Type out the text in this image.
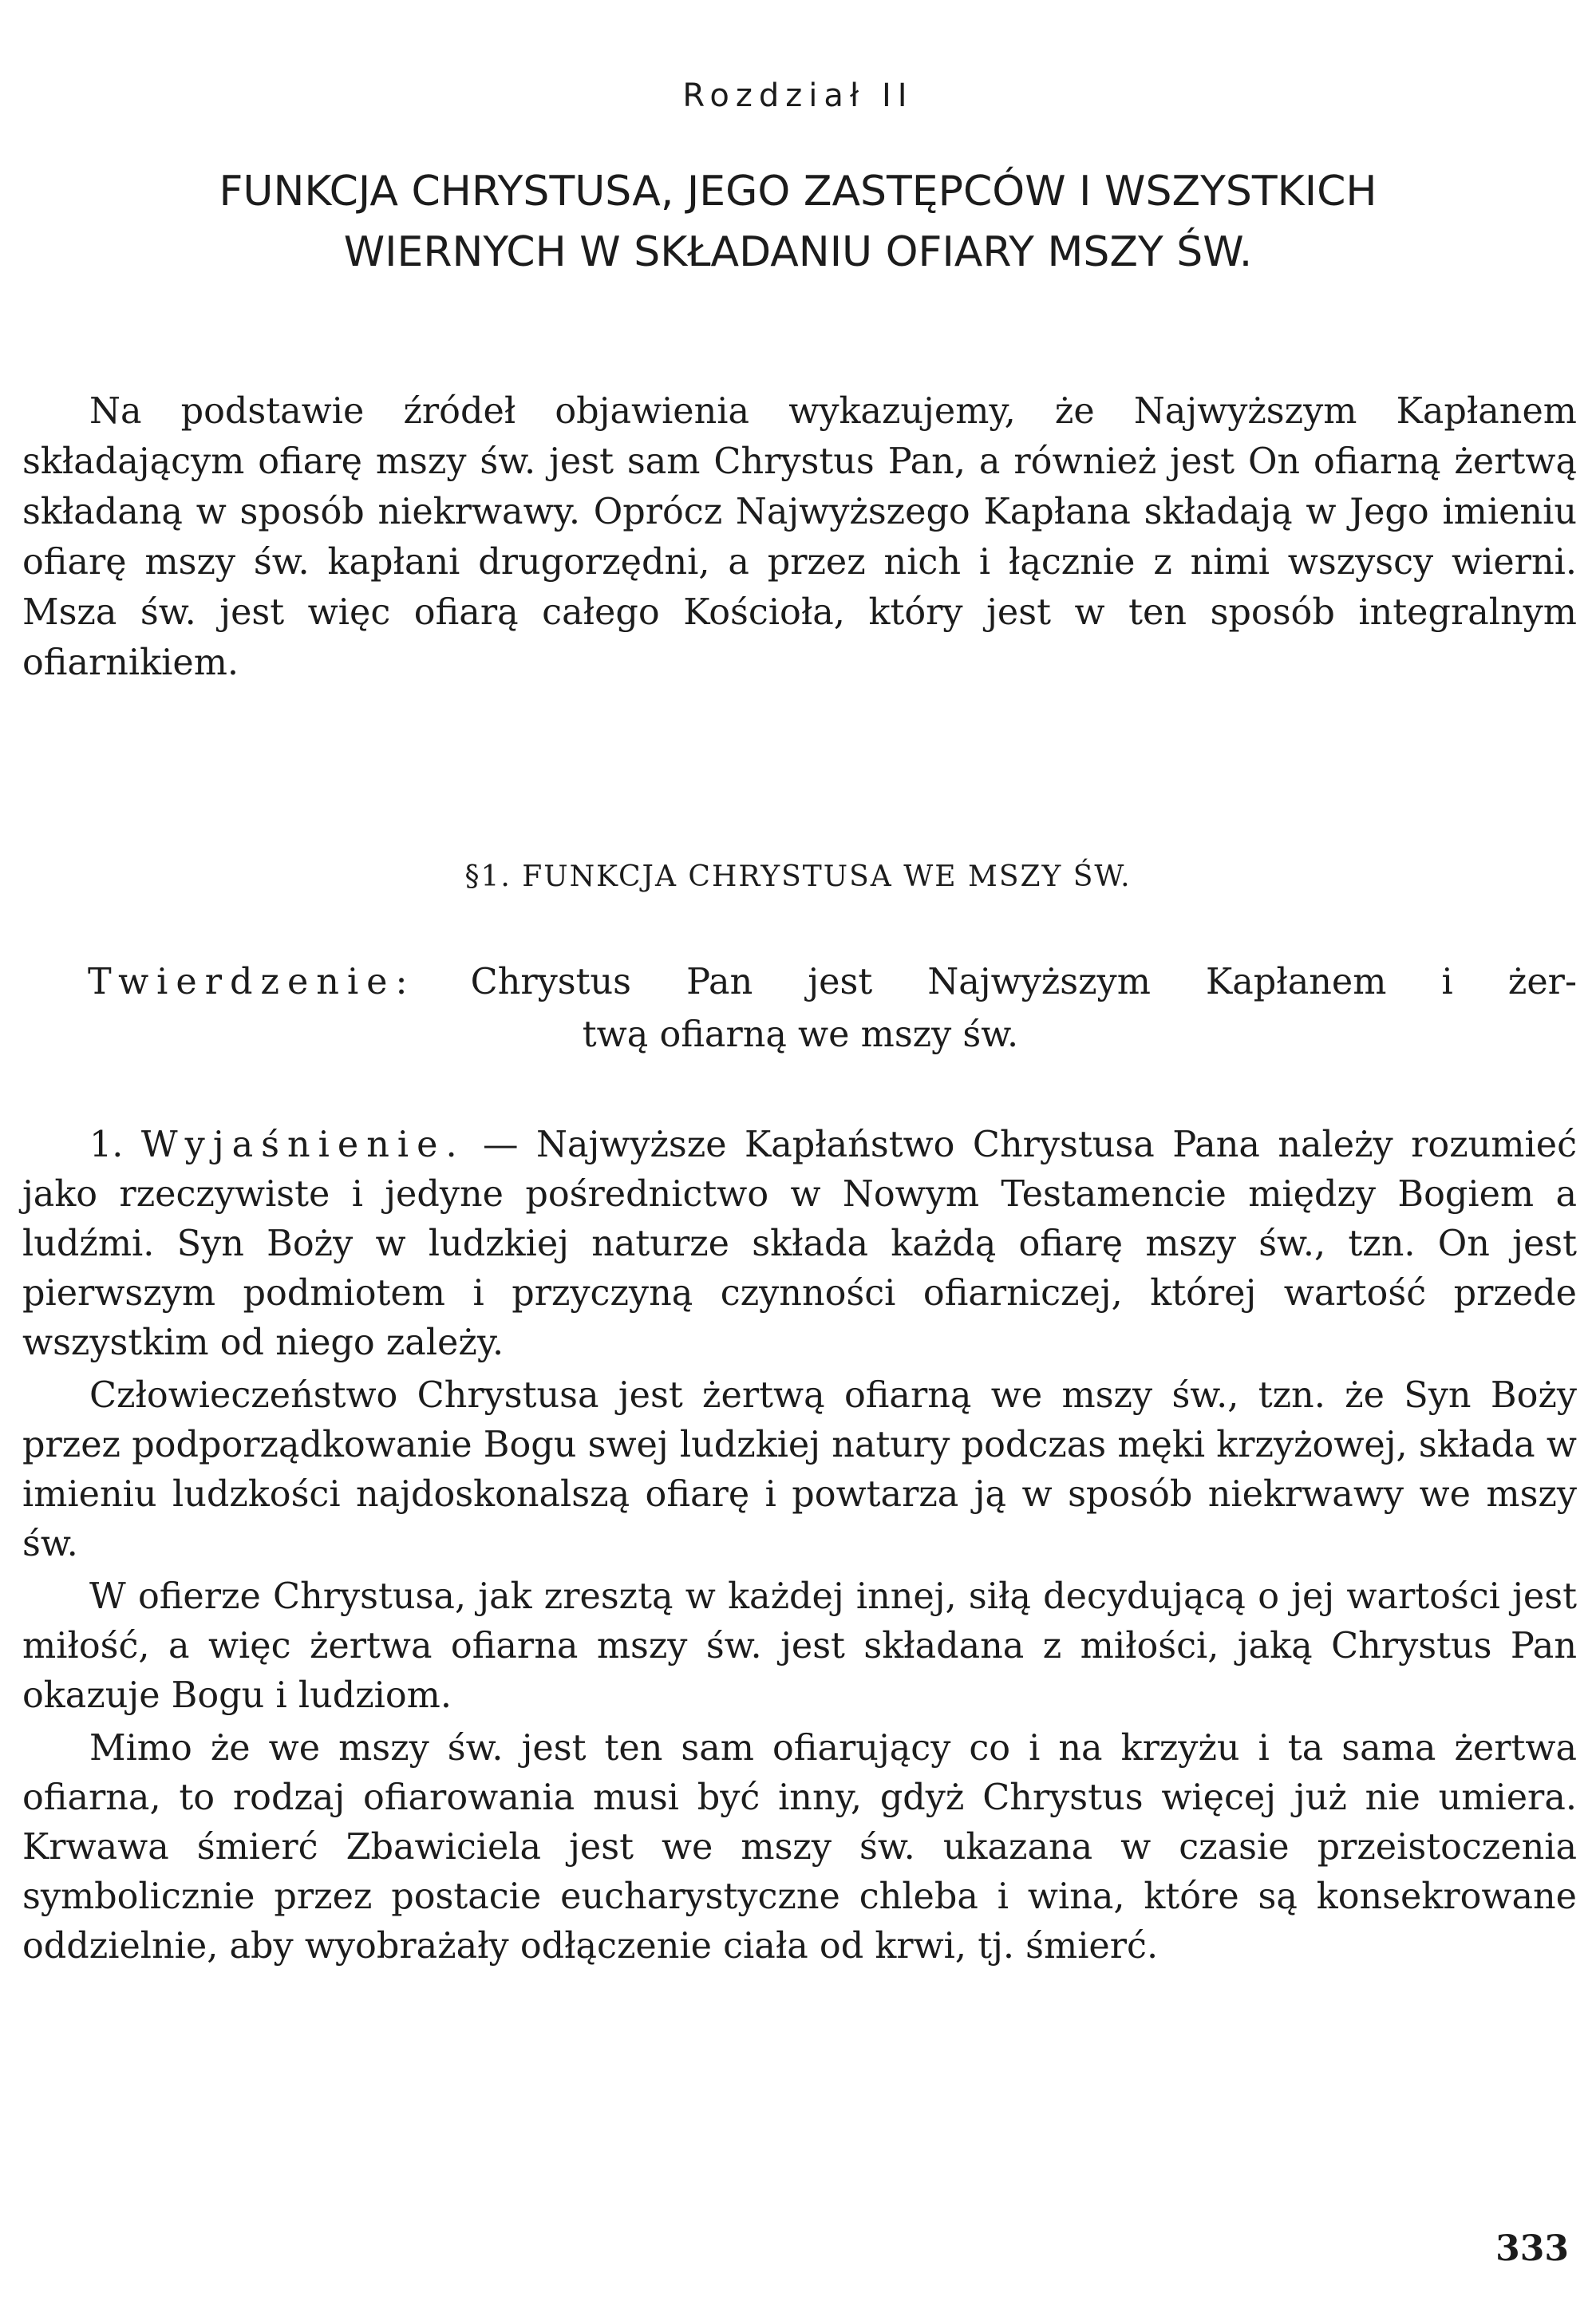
Rozdział II
FUNKCJA CHRYSTUSA, JEGO ZASTĘPCÓW I WSZYSTKICH
WIERNYCH W SKŁADANIU OFIARY MSZY ŚW.

Na podstawie źródeł objawienia wykazujemy, że Najwyższym Kapłanem składającym ofiarę mszy św. jest sam Chrystus Pan, a również jest On ofiarną żertwą składaną w sposób niekrwawy. Oprócz Najwyższego Kapłana składają w Jego imieniu ofiarę mszy św. kapłani drugorzędni, a przez nich i łącznie z nimi wszyscy wierni. Msza św. jest więc ofiarą całego Kościoła, który jest w ten sposób integralnym ofiarnikiem.

§1. FUNKCJA CHRYSTUSA WE MSZY ŚW.
Twierdzenie: Chrystus Pan jest Najwyższym Kapłanem i żer-
twą ofiarną we mszy św.

1. Wyjaśnienie. — Najwyższe Kapłaństwo Chrystusa Pana należy rozumieć jako rzeczywiste i jedyne pośrednictwo w Nowym Testamencie między Bogiem a ludźmi. Syn Boży w ludzkiej naturze składa każdą ofiarę mszy św., tzn. On jest pierwszym podmiotem i przyczyną czynności ofiarniczej, której wartość przede wszystkim od niego zależy.

Człowieczeństwo Chrystusa jest żertwą ofiarną we mszy św., tzn. że Syn Boży przez podporządkowanie Bogu swej ludzkiej natury podczas męki krzyżowej, składa w imieniu ludzkości najdoskonalszą ofiarę i powtarza ją w sposób niekrwawy we mszy św.

W ofierze Chrystusa, jak zresztą w każdej innej, siłą decydującą o jej wartości jest miłość, a więc żertwa ofiarna mszy św. jest składana z miłości, jaką Chrystus Pan okazuje Bogu i ludziom.

Mimo że we mszy św. jest ten sam ofiarujący co i na krzyżu i ta sama żertwa ofiarna, to rodzaj ofiarowania musi być inny, gdyż Chrystus więcej już nie umiera. Krwawa śmierć Zbawiciela jest we mszy św. ukazana w czasie przeistoczenia symbolicznie przez postacie eucharystyczne chleba i wina, które są konsekrowane oddzielnie, aby wyobrażały odłączenie ciała od krwi, tj. śmierć.

333
